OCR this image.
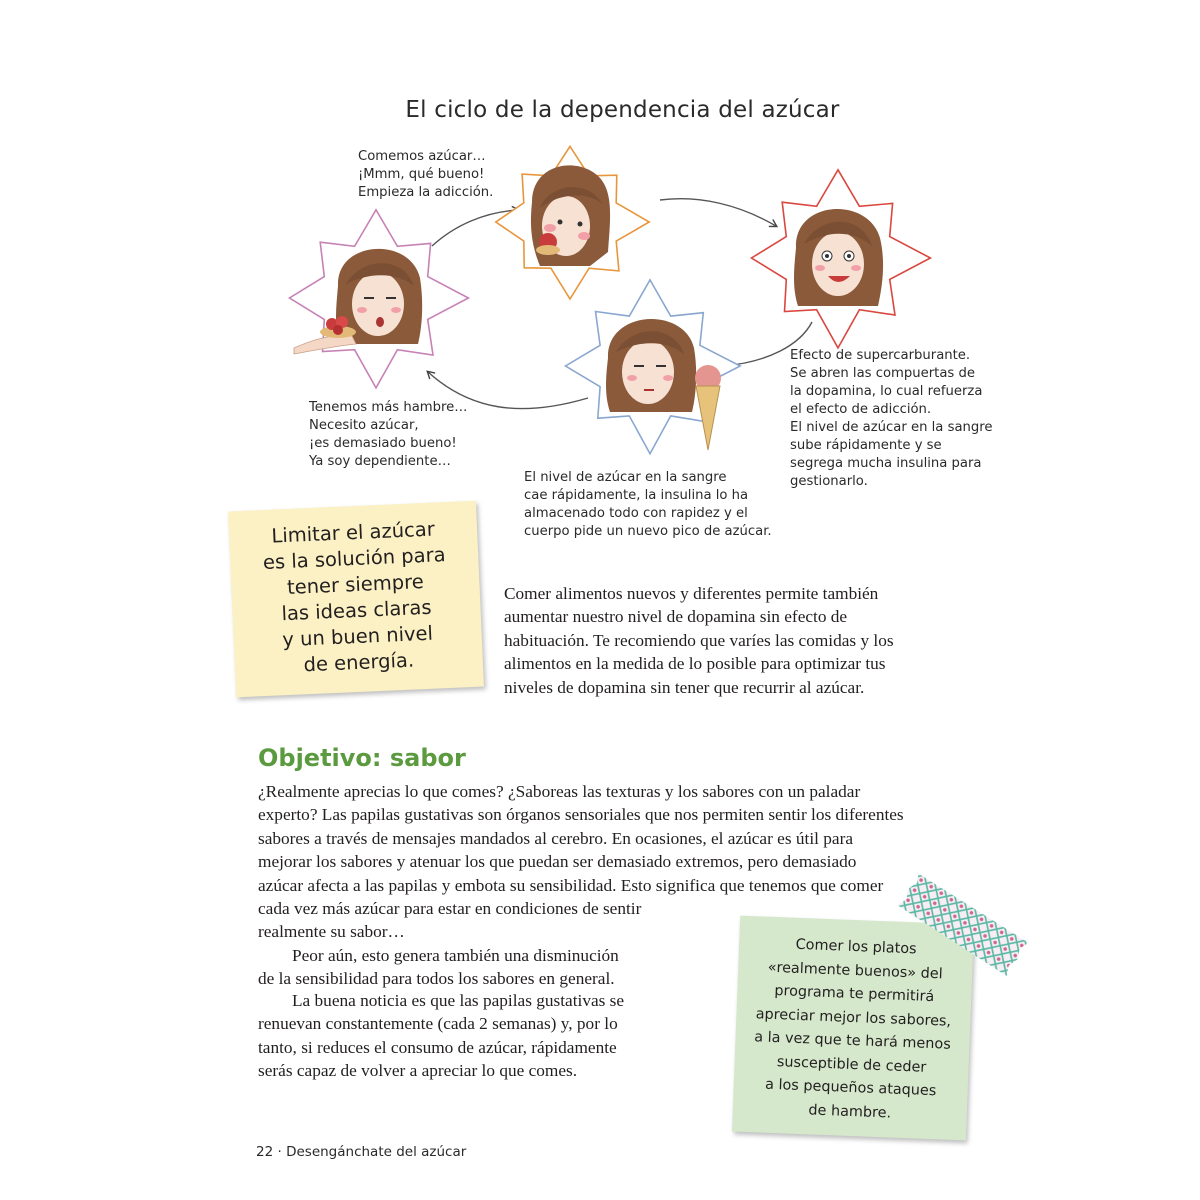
El ciclo de la dependencia del azúcar
Comemos azúcar…
¡Mmm, qué bueno!
Empieza la adicción.
Efecto de supercarburante.
Se abren las compuertas de
la dopamina, lo cual refuerza
el efecto de adicción.
El nivel de azúcar en la sangre
sube rápidamente y se
segrega mucha insulina para
gestionarlo.
El nivel de azúcar en la sangre
cae rápidamente, la insulina lo ha
almacenado todo con rapidez y el
cuerpo pide un nuevo pico de azúcar.
Tenemos más hambre…
Necesito azúcar,
¡es demasiado bueno!
Ya soy dependiente…
Limitar el azúcar
es la solución para
tener siempre
las ideas claras
y un buen nivel
de energía.
Comer alimentos nuevos y diferentes permite también
aumentar nuestro nivel de dopamina sin efecto de
habituación. Te recomiendo que varíes las comidas y los
alimentos en la medida de lo posible para optimizar tus
niveles de dopamina sin tener que recurrir al azúcar.
Objetivo: sabor
¿Realmente aprecias lo que comes? ¿Saboreas las texturas y los sabores con un paladar
experto? Las papilas gustativas son órganos sensoriales que nos permiten sentir los diferentes
sabores a través de mensajes mandados al cerebro. En ocasiones, el azúcar es útil para
mejorar los sabores y atenuar los que puedan ser demasiado extremos, pero demasiado
azúcar afecta a las papilas y embota su sensibilidad. Esto significa que tenemos que comer
cada vez más azúcar para estar en condiciones de sentir
realmente su sabor…
Peor aún, esto genera también una disminución
de la sensibilidad para todos los sabores en general.
La buena noticia es que las papilas gustativas se
renuevan constantemente (cada 2 semanas) y, por lo
tanto, si reduces el consumo de azúcar, rápidamente
serás capaz de volver a apreciar lo que comes.
Comer los platos
«realmente buenos» del
programa te permitirá
apreciar mejor los sabores,
a la vez que te hará menos
susceptible de ceder
a los pequeños ataques
de hambre.
22 · Desengánchate del azúcar
